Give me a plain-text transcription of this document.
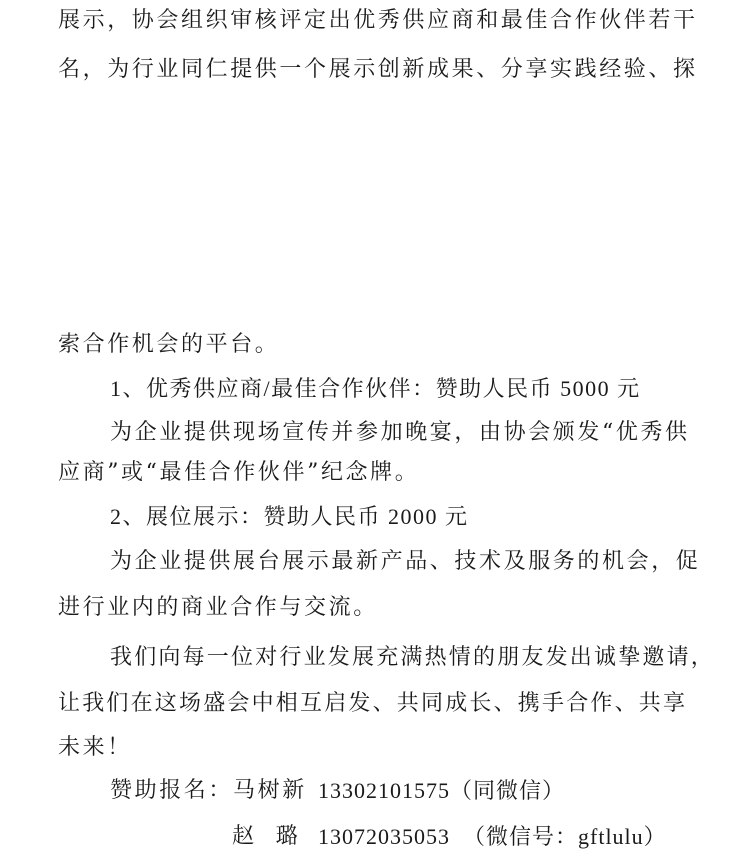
展示，协会组织审核评定出优秀供应商和最佳合作伙伴若干
名，为行业同仁提供一个展示创新成果、分享实践经验、探
索合作机会的平台。
1、优秀供应商/最佳合作伙伴：赞助人民币 5000 元
为企业提供现场宣传并参加晚宴，由协会颁发“优秀供
应商”或“最佳合作伙伴”纪念牌。
2、展位展示：赞助人民币 2000 元
为企业提供展台展示最新产品、技术及服务的机会，促
进行业内的商业合作与交流。
我们向每一位对行业发展充满热情的朋友发出诚挚邀请，
让我们在这场盛会中相互启发、共同成长、携手合作、共享
未来！
赞助报名：马树新 13302101575（同微信）
赵  璐 13072035053  （微信号：gftlulu）
